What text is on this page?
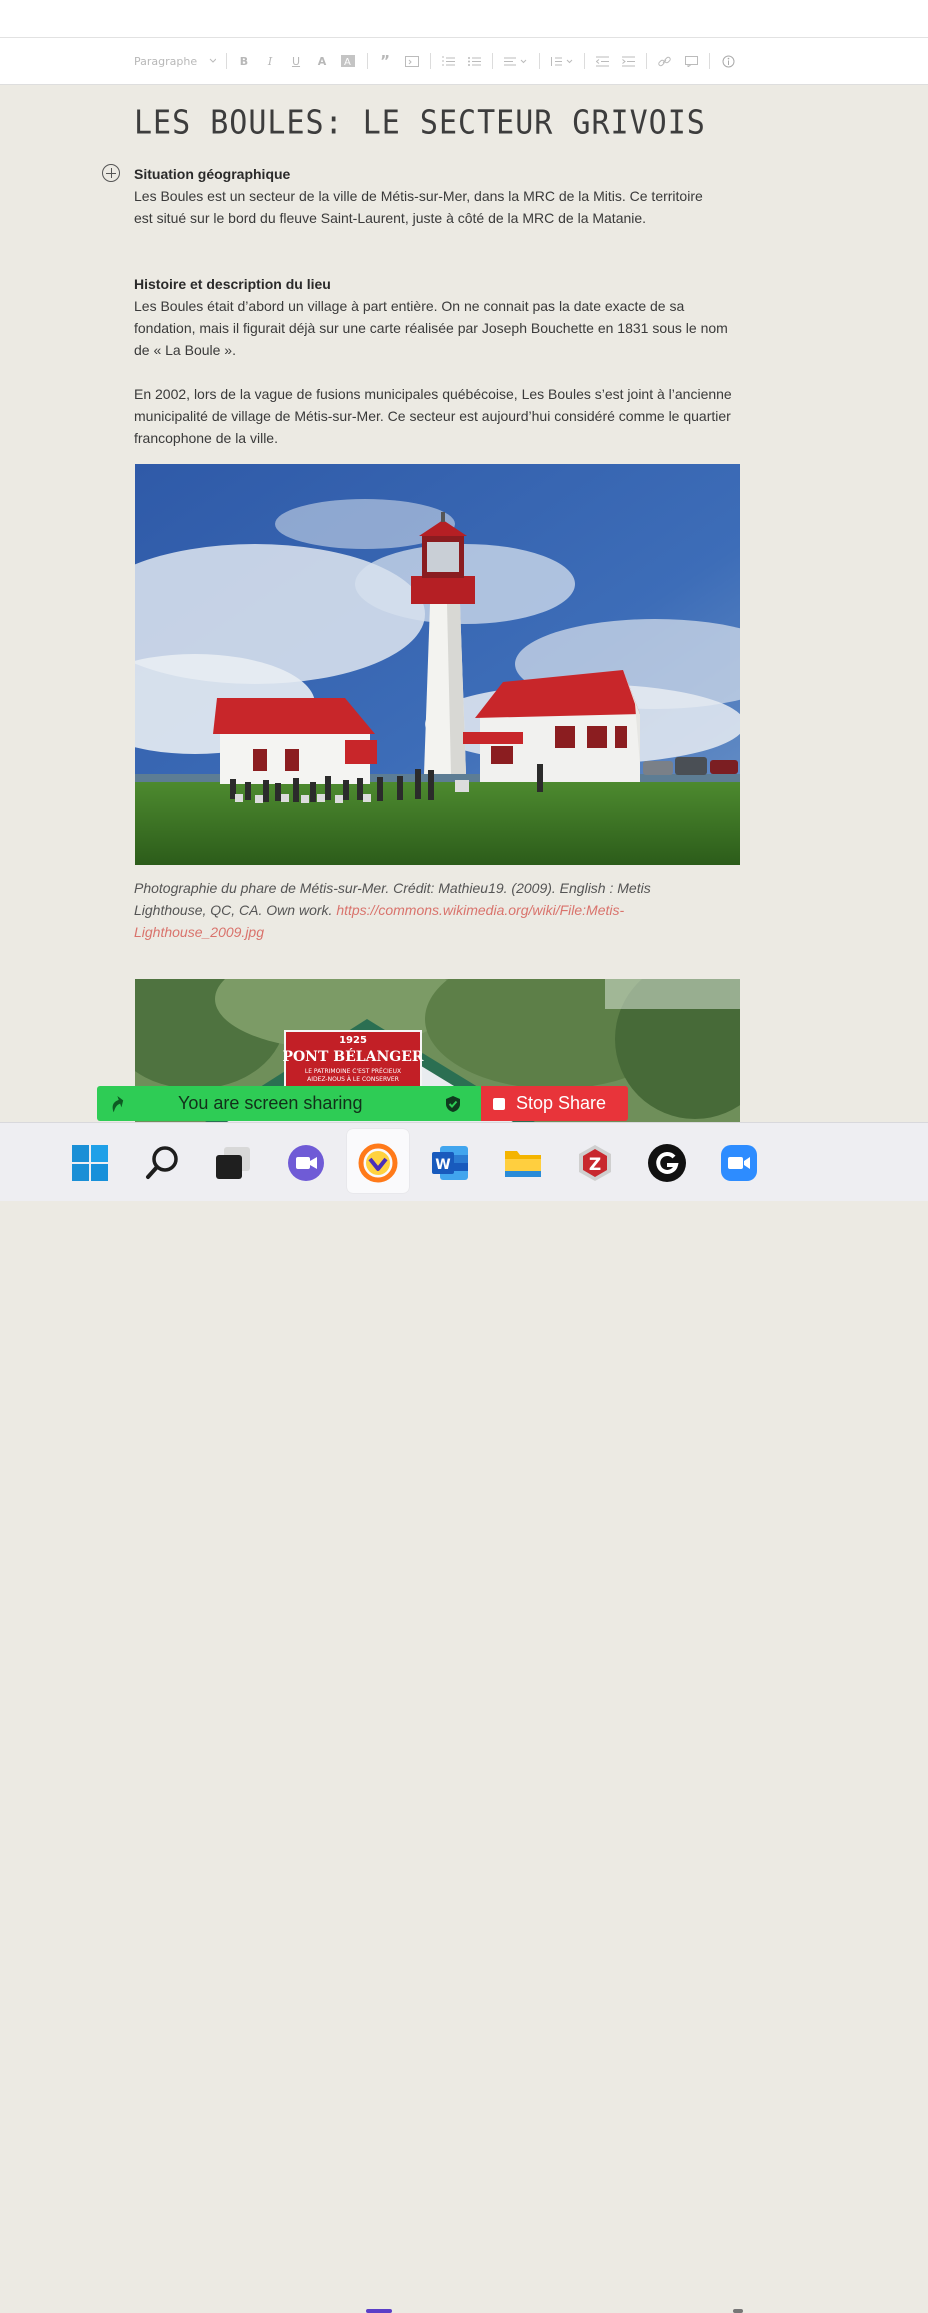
Paragraphe	B I U A A ”
LES BOULES: LE SECTEUR GRIVOIS
Situation géographique
Les Boules est un secteur de la ville de Métis-sur-Mer, dans la MRC de la Mitis. Ce territoire est situé sur le bord du fleuve Saint-Laurent, juste à côté de la MRC de la Matanie.
Histoire et description du lieu
Les Boules était d’abord un village à part entière. On ne connait pas la date exacte de sa fondation, mais il figurait déjà sur une carte réalisée par Joseph Bouchette en 1831 sous le nom de « La Boule ».
En 2002, lors de la vague de fusions municipales québécoise, Les Boules s’est joint à l’ancienne municipalité de village de Métis-sur-Mer. Ce secteur est aujourd’hui considéré comme le quartier francophone de la ville.
Photographie du phare de Métis-sur-Mer. Crédit: Mathieu19. (2009). English : Metis Lighthouse, QC, CA. Own work. https://commons.wikimedia.org/wiki/File:Metis-Lighthouse_2009.jpg
1925
PONT BÉLANGER
LE PATRIMOINE C'EST PRÉCIEUX
AIDEZ-NOUS À LE CONSERVER
You are screen sharing	Stop Share
W	Z
